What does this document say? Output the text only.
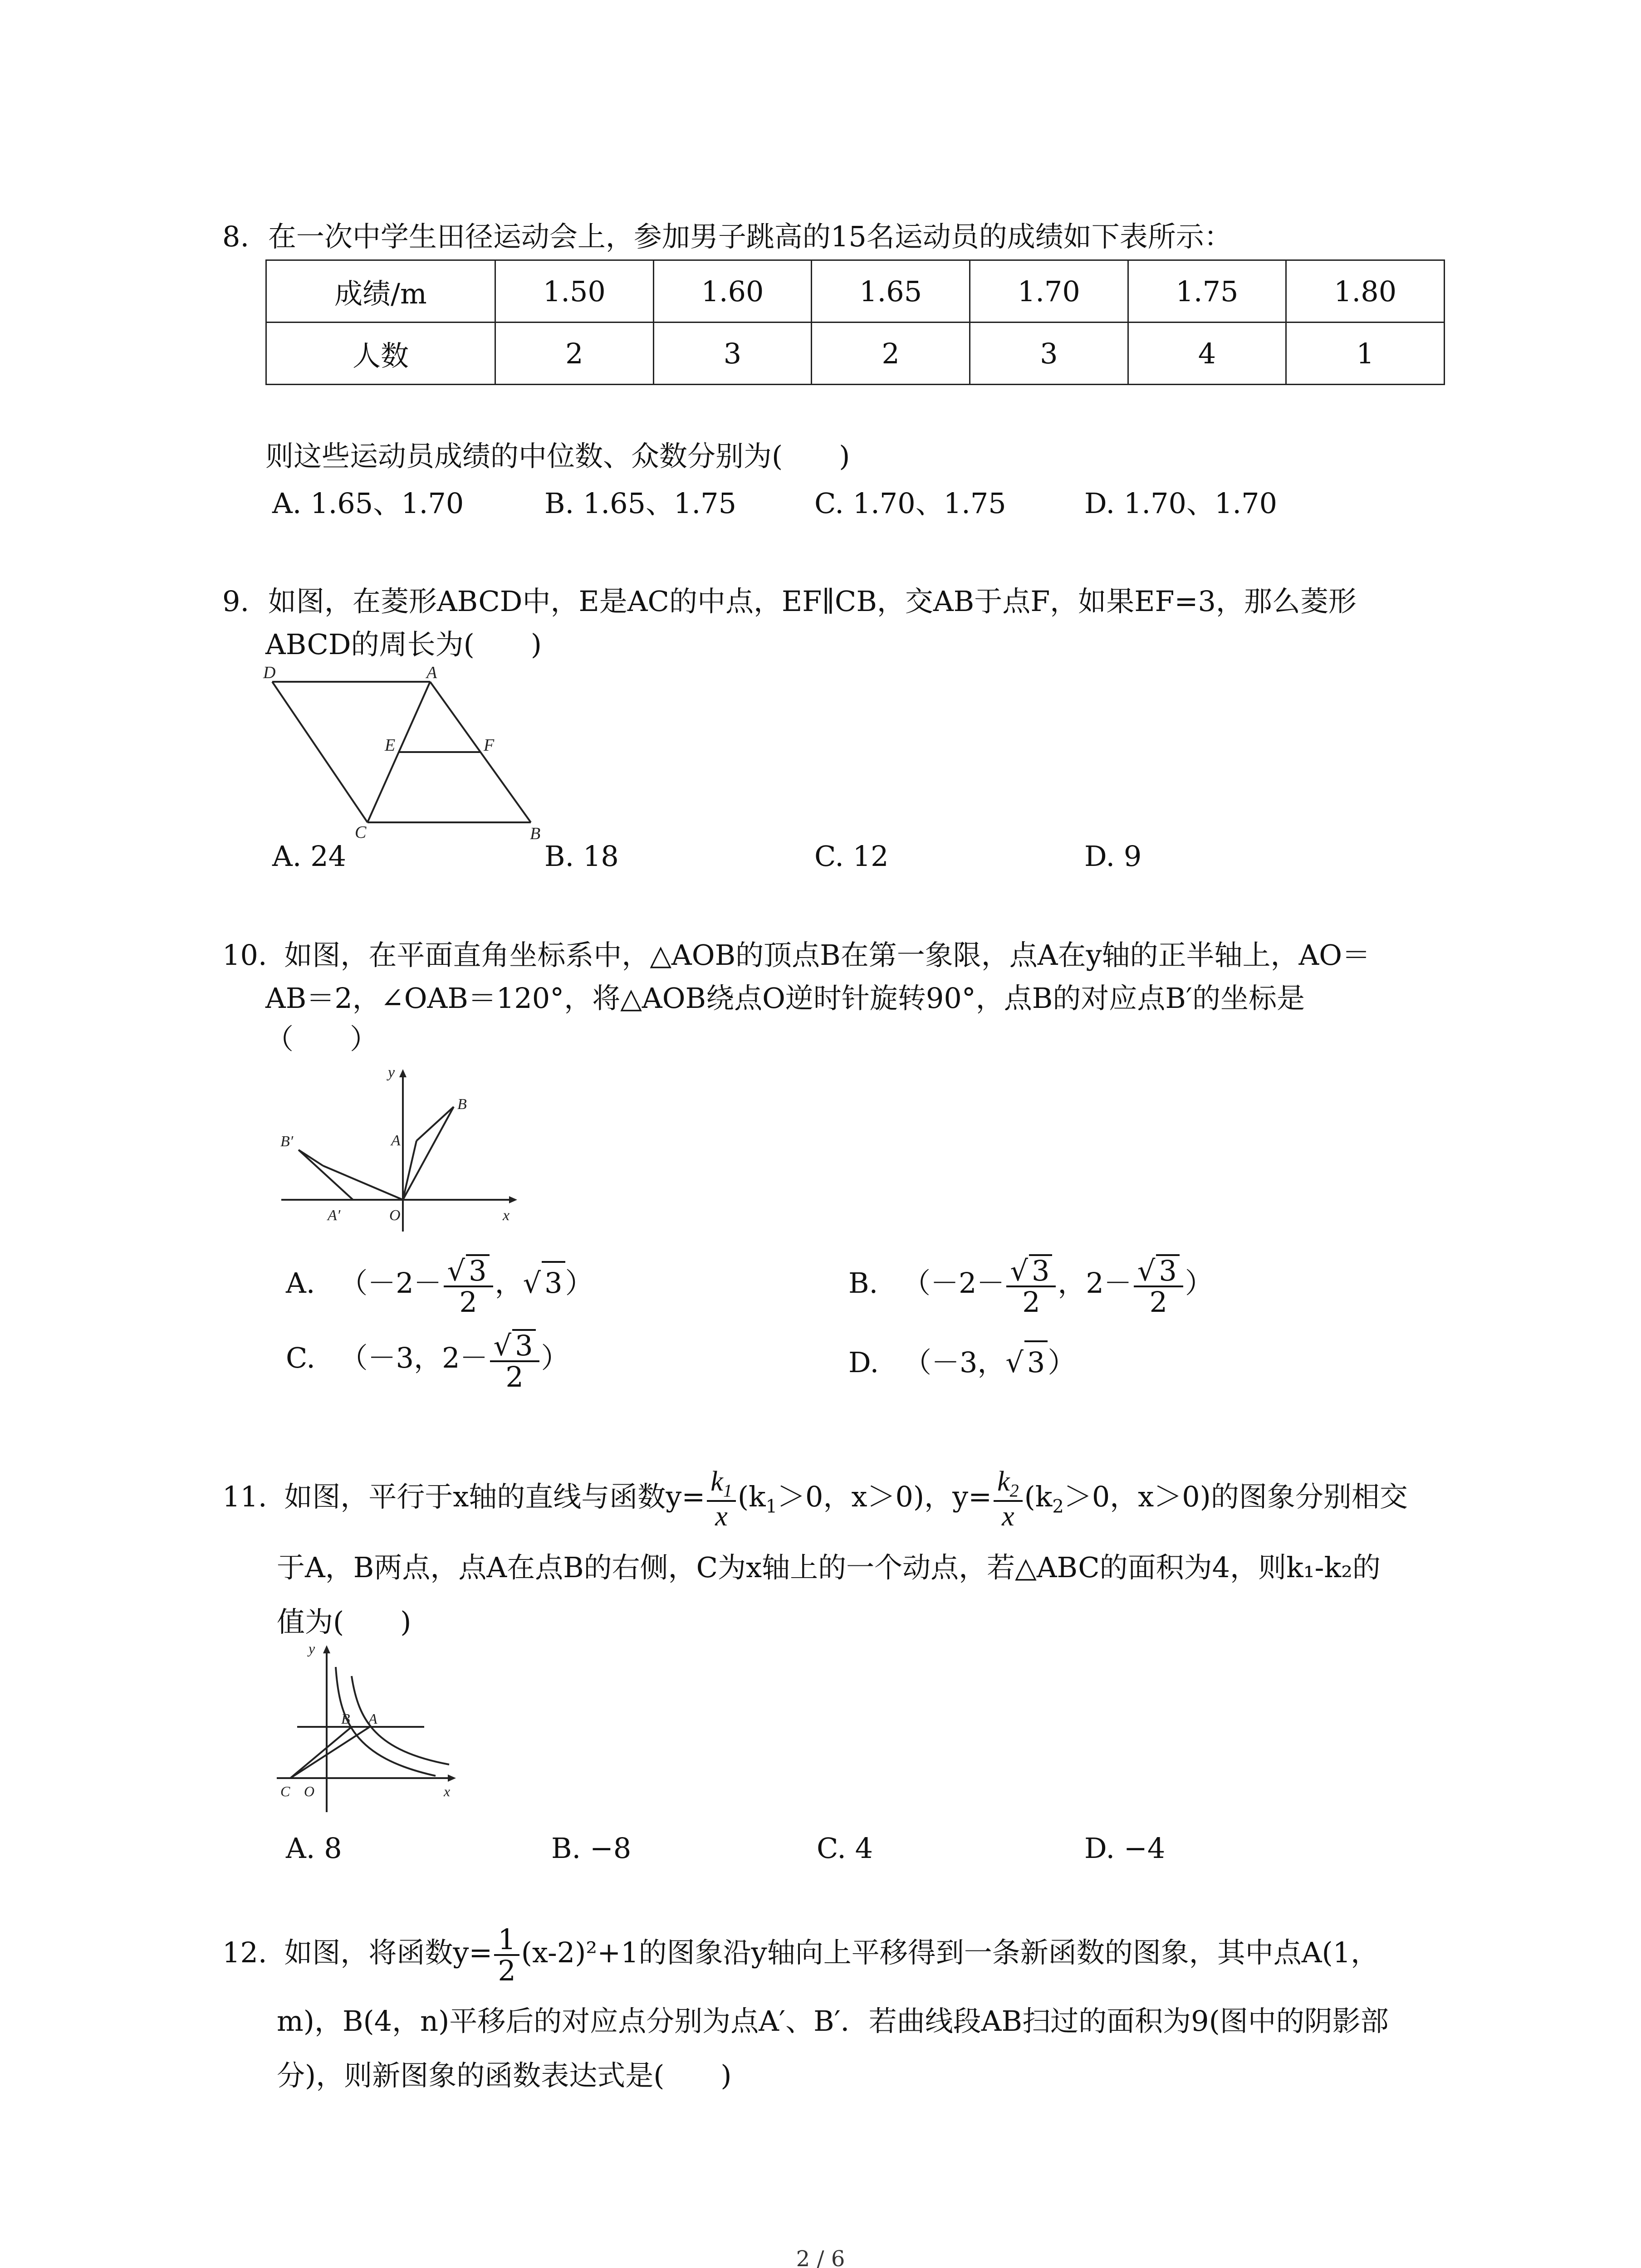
8. 在一次中学生田径运动会上，参加男子跳高的15名运动员的成绩如下表所示：
成绩/m	1.50	1.60	1.65	1.70	1.75	1.80
人数	2	3	2	3	4	1
则这些运动员成绩的中位数、众数分别为(　　)
A. 1.65、1.70	B. 1.65、1.75	C. 1.70、1.75	D. 1.70、1.70
9. 如图，在菱形ABCD中，E是AC的中点，EF∥CB，交AB于点F，如果EF=3，那么菱形
ABCD的周长为(　　)
D	A
E	F
C	B
A. 24	B. 18	C. 12	D. 9
10. 如图，在平面直角坐标系中，△AOB的顶点B在第一象限，点A在y轴的正半轴上，AO＝
AB＝2，∠OAB＝120°，将△AOB绕点O逆时针旋转90°，点B的对应点B′的坐标是
（　　）
y
B
A
B′
A′	O	x
A. （$-2- \frac{√ 3}{2}$ ，√ 3）	B. （$-2- \frac{√ 3}{2}$ ，$2- \frac{√ 3}{2}$ ）
C. （－3，$2- \frac{√ 3}{2}$ ）	D. （－3，√ 3）
11. 如图，平行于x轴的直线与函数$y= \frac{k_1}{x} (k_1>0$，x＞0)，$y= \frac{k_2}{x} (k_2>0$，x＞0)的图象分别相交
于A，B两点，点A在点B的右侧，C为x轴上的一个动点，若△ABC的面积为4，则k₁-k₂的
值为(　　)
y
B A
C O	x
A. 8	B. −8	C. 4	D. −4
12. 如图，将函数$y= \frac{1}{2} (x-2)^2+1$的图象沿y轴向上平移得到一条新函数的图象，其中点A(1，
m)，B(4，n)平移后的对应点分别为点A′、B′．若曲线段AB扫过的面积为9(图中的阴影部
分)，则新图象的函数表达式是(　　)
2 / 6
